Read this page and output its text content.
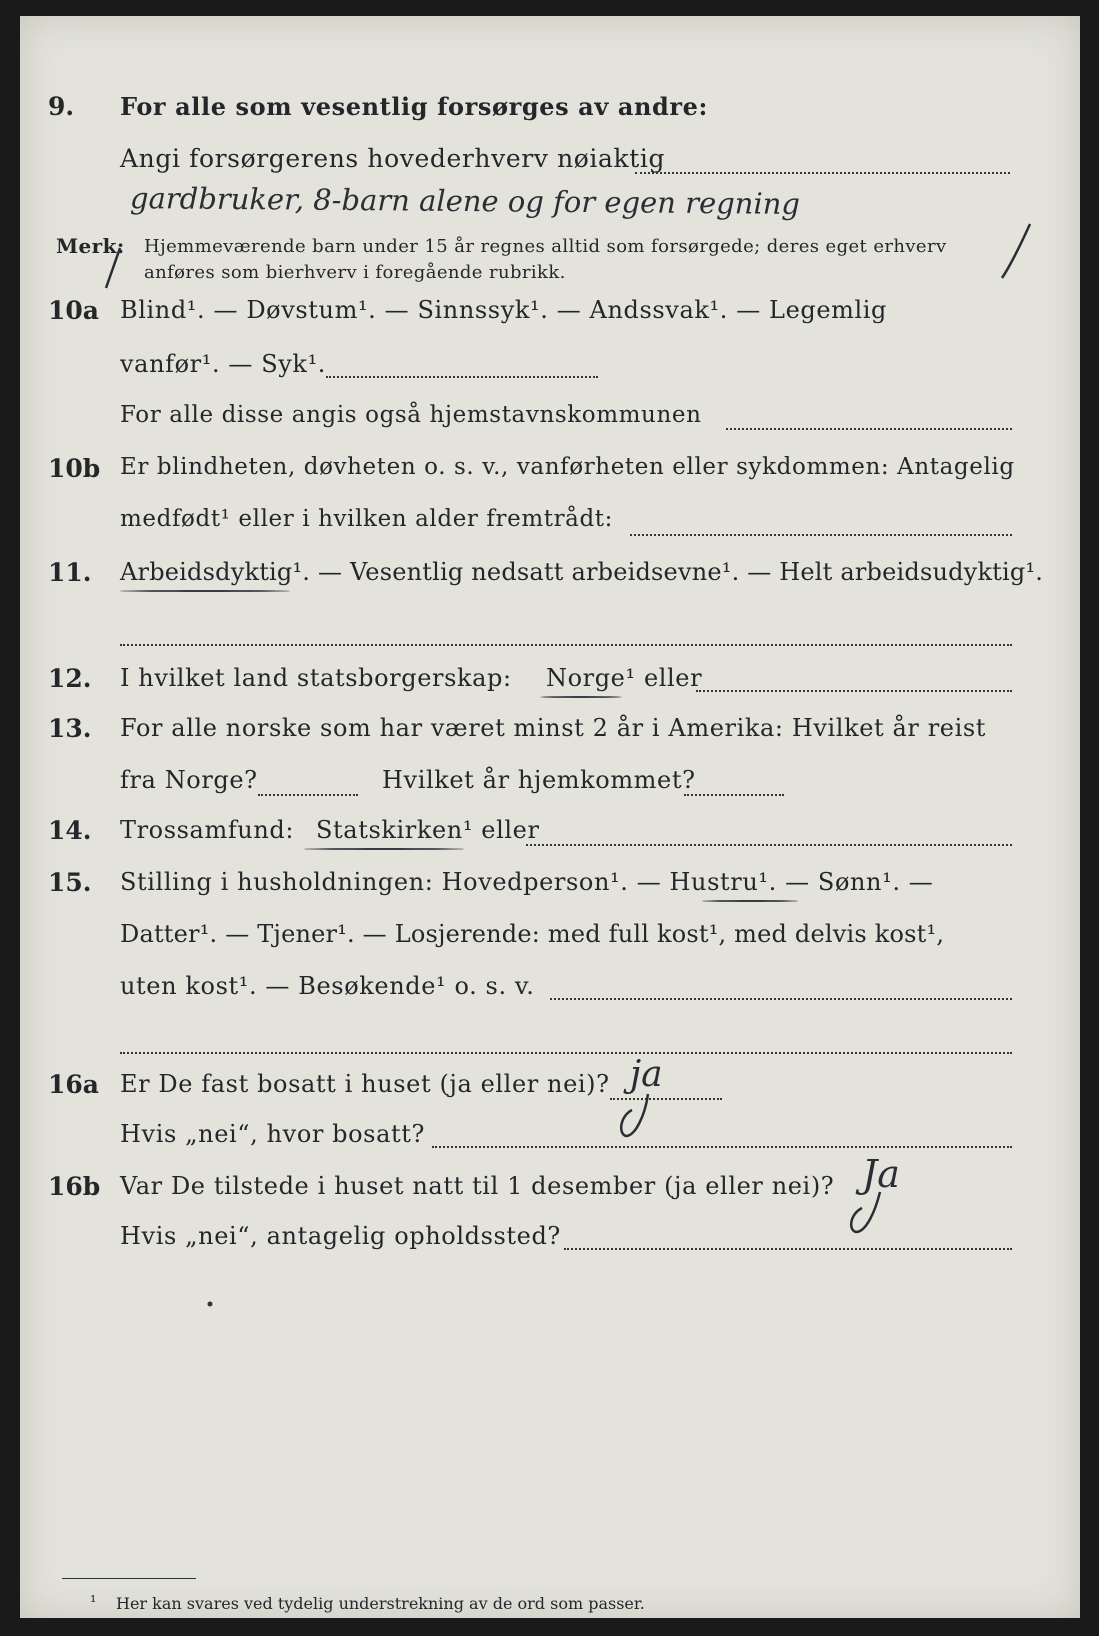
9. For alle som vesentlig forsørges av andre:
Angi forsørgerens hovederhverv nøiaktig
gardbruker, 8-barn alene og for egen regning
Merk: Hjemmeværende barn under 15 år regnes alltid som forsørgede; deres eget erhverv
anføres som bierhverv i foregående rubrikk.
10a Blind¹. — Døvstum¹. — Sinnssyk¹. — Andssvak¹. — Legemlig
vanfør¹. — Syk¹.
For alle disse angis også hjemstavnskommunen
10b Er blindheten, døvheten o. s. v., vanførheten eller sykdommen: Antagelig
medfødt¹ eller i hvilken alder fremtrådt:
11. Arbeidsdyktig¹. — Vesentlig nedsatt arbeidsevne¹. — Helt arbeidsudyktig¹.
12. I hvilket land statsborgerskap: Norge¹ eller
13. For alle norske som har været minst 2 år i Amerika: Hvilket år reist
fra Norge?	Hvilket år hjemkommet?
14. Trossamfund: Statskirken¹ eller
15. Stilling i husholdningen: Hovedperson¹. — Hustru¹. — Sønn¹. —
Datter¹. — Tjener¹. — Losjerende: med full kost¹, med delvis kost¹,
uten kost¹. — Besøkende¹ o. s. v.
16a Er De fast bosatt i huset (ja eller nei)? ja
Hvis „nei“, hvor bosatt?
16b Var De tilstede i huset natt til 1 desember (ja eller nei)? Ja
Hvis „nei“, antagelig opholdssted?
¹ Her kan svares ved tydelig understrekning av de ord som passer.
